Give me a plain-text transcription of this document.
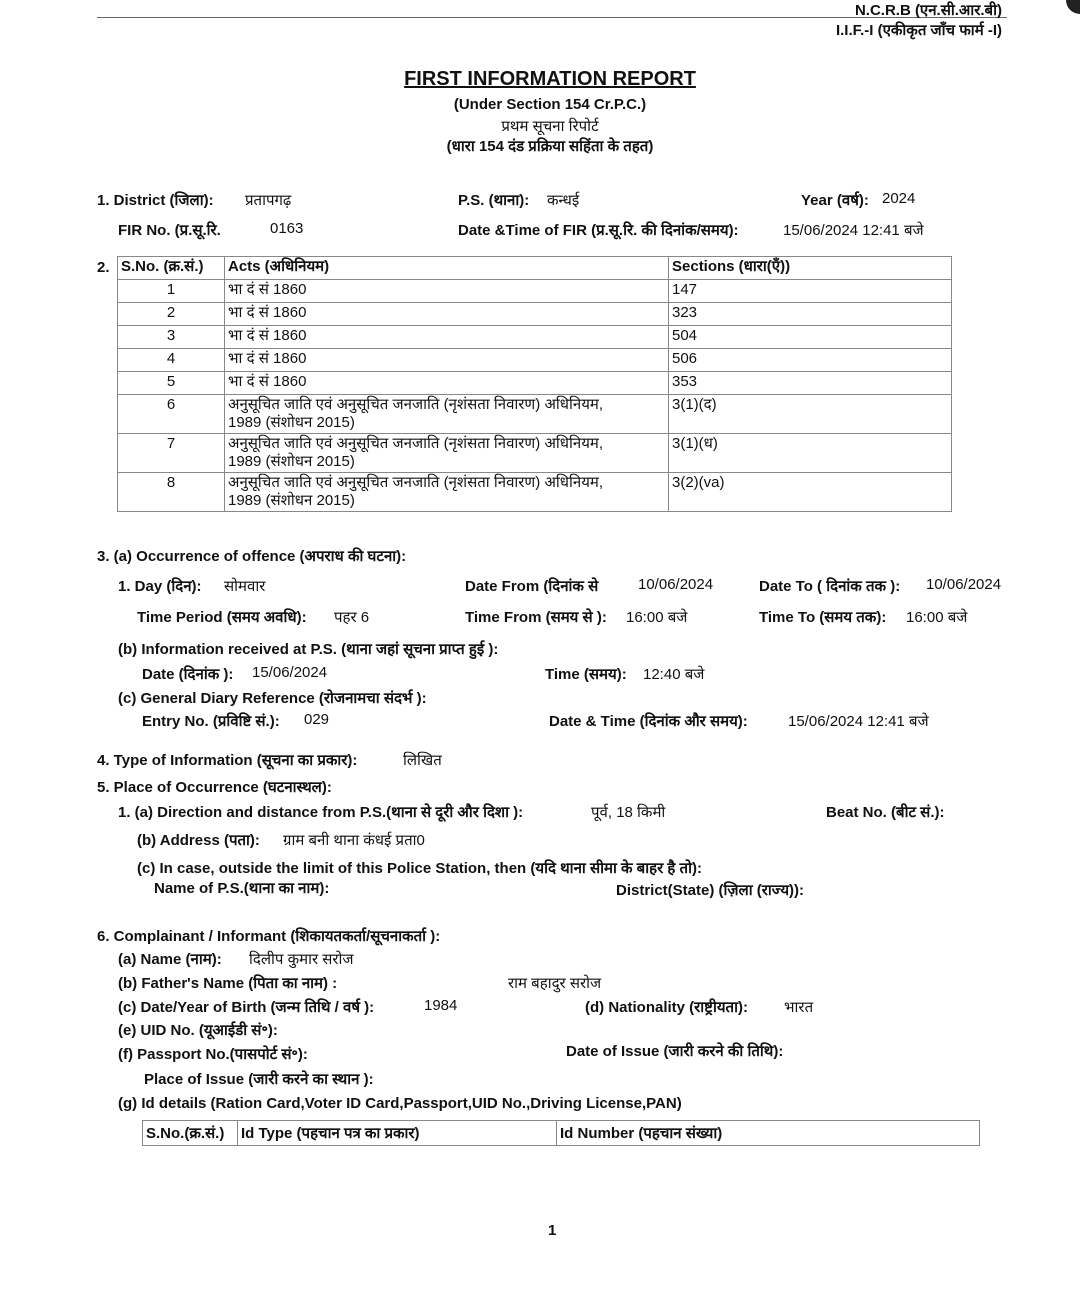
N.C.R.B (एन.सी.आर.बी)
I.I.F.-I (एकीकृत जाँच फार्म -I)
FIRST INFORMATION REPORT
(Under Section 154 Cr.P.C.)
प्रथम सूचना रिपोर्ट
(धारा 154 दंड प्रक्रिया सहिंता के तहत)
1. District (जिला): प्रतापगढ़	P.S. (थाना): कन्धई	Year (वर्ष): 2024
FIR No. (प्र.सू.रि.	0163	Date &Time of FIR (प्र.सू.रि. की दिनांक/समय):	15/06/2024 12:41 बजे
2. S.No. (क्र.सं.)	Acts (अधिनियम)	Sections (धारा(एँ))
1	भा दं सं 1860	147
2	भा दं सं 1860	323
3	भा दं सं 1860	504
4	भा दं सं 1860	506
5	भा दं सं 1860	353
6	अनुसूचित जाति एवं अनुसूचित जनजाति (नृशंसता निवारण) अधिनियम,
1989 (संशोधन 2015)	3(1)(द)
7	अनुसूचित जाति एवं अनुसूचित जनजाति (नृशंसता निवारण) अधिनियम,
1989 (संशोधन 2015)	3(1)(ध)
8	अनुसूचित जाति एवं अनुसूचित जनजाति (नृशंसता निवारण) अधिनियम,
1989 (संशोधन 2015)	3(2)(va)
3. (a) Occurrence of offence (अपराध की घटना):
1. Day (दिन): सोमवार	Date From (दिनांक से	10/06/2024	Date To ( दिनांक तक ): 10/06/2024
Time Period (समय अवधि): पहर 6	Time From (समय से ): 16:00 बजे	Time To (समय तक): 16:00 बजे
(b) Information received at P.S. (थाना जहां सूचना प्राप्त हुई ):
Date (दिनांक ): 15/06/2024	Time (समय): 12:40 बजे
(c) General Diary Reference (रोजनामचा संदर्भ ):
Entry No. (प्रविष्टि सं.): 029	Date & Time (दिनांक और समय):	15/06/2024 12:41 बजे
4. Type of Information (सूचना का प्रकार):	लिखित
5. Place of Occurrence (घटनास्थल):
1. (a) Direction and distance from P.S.(थाना से दूरी और दिशा ):	पूर्व, 18 किमी	Beat No. (बीट सं.):
(b) Address (पता): ग्राम बनी थाना कंधई प्रता0
(c) In case, outside the limit of this Police Station, then (यदि थाना सीमा के बाहर है तो):
Name of P.S.(थाना का नाम):	District(State) (ज़िला (राज्य)):
6. Complainant / Informant (शिकायतकर्ता/सूचनाकर्ता ):
(a) Name (नाम): दिलीप कुमार सरोज
(b) Father's Name (पिता का नाम) :	राम बहादुर सरोज
(c) Date/Year of Birth (जन्म तिथि / वर्ष ):	1984	(d) Nationality (राष्ट्रीयता): भारत
(e) UID No. (यूआईडी सं॰):
(f) Passport No.(पासपोर्ट सं॰):	Date of Issue (जारी करने की तिथि):
Place of Issue (जारी करने का स्थान ):
(g) Id details (Ration Card,Voter ID Card,Passport,UID No.,Driving License,PAN)
S.No.(क्र.सं.)	Id Type (पहचान पत्र का प्रकार)	Id Number (पहचान संख्या)
1
